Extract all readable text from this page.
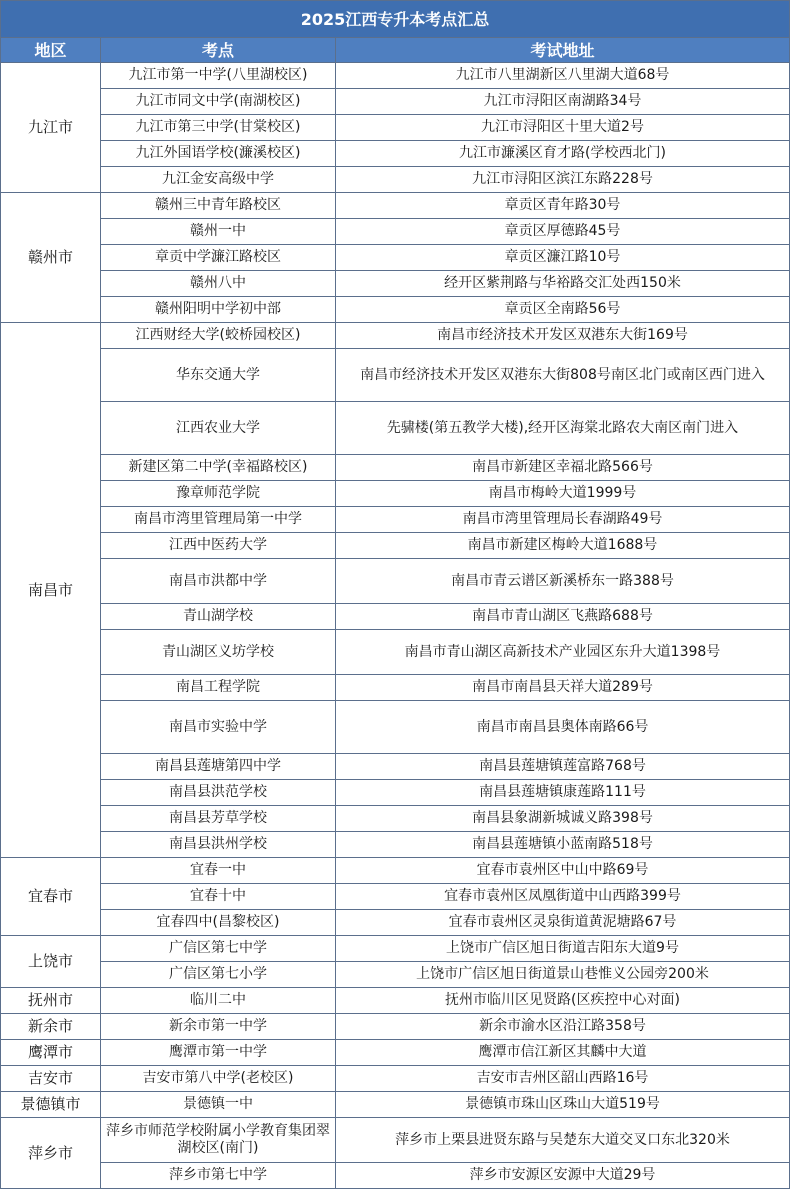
2025江西专升本考点汇总		
地区	考点	考试地址
九江市	九江市第一中学(八里湖校区)	九江市八里湖新区八里湖大道68号
	九江市同文中学(南湖校区)	九江市浔阳区南湖路34号
	九江市第三中学(甘棠校区)	九江市浔阳区十里大道2号
	九江外国语学校(濂溪校区)	九江市濂溪区育才路(学校西北门)
	九江金安高级中学	九江市浔阳区滨江东路228号
赣州市	赣州三中青年路校区	章贡区青年路30号
	赣州一中	章贡区厚德路45号
	章贡中学濂江路校区	章贡区濂江路10号
	赣州八中	经开区紫荆路与华裕路交汇处西150米
	赣州阳明中学初中部	章贡区全南路56号
南昌市	江西财经大学(蛟桥园校区)	南昌市经济技术开发区双港东大街169号
	华东交通大学	南昌市经济技术开发区双港东大街808号南区北门或南区西门进入
	江西农业大学	先骕楼(第五教学大楼),经开区海棠北路农大南区南门进入
	新建区第二中学(幸福路校区)	南昌市新建区幸福北路566号
	豫章师范学院	南昌市梅岭大道1999号
	南昌市湾里管理局第一中学	南昌市湾里管理局长春湖路49号
	江西中医药大学	南昌市新建区梅岭大道1688号
	南昌市洪都中学	南昌市青云谱区新溪桥东一路388号
	青山湖学校	南昌市青山湖区飞燕路688号
	青山湖区义坊学校	南昌市青山湖区高新技术产业园区东升大道1398号
	南昌工程学院	南昌市南昌县天祥大道289号
	南昌市实验中学	南昌市南昌县奥体南路66号
	南昌县莲塘第四中学	南昌县莲塘镇莲富路768号
	南昌县洪范学校	南昌县莲塘镇康莲路111号
	南昌县芳草学校	南昌县象湖新城诚义路398号
	南昌县洪州学校	南昌县莲塘镇小蓝南路518号
宜春市	宜春一中	宜春市袁州区中山中路69号
	宜春十中	宜春市袁州区凤凰街道中山西路399号
	宜春四中(昌黎校区)	宜春市袁州区灵泉街道黄泥塘路67号
上饶市	广信区第七中学	上饶市广信区旭日街道吉阳东大道9号
	广信区第七小学	上饶市广信区旭日街道景山巷惟义公园旁200米
抚州市	临川二中	抚州市临川区见贤路(区疾控中心对面)
新余市	新余市第一中学	新余市渝水区沿江路358号
鹰潭市	鹰潭市第一中学	鹰潭市信江新区其麟中大道
吉安市	吉安市第八中学(老校区)	吉安市吉州区韶山西路16号
景德镇市	景德镇一中	景德镇市珠山区珠山大道519号
萍乡市	萍乡市师范学校附属小学教育集团翠湖校区(南门)	萍乡市上栗县进贤东路与吴楚东大道交叉口东北320米
	萍乡市第七中学	萍乡市安源区安源中大道29号
